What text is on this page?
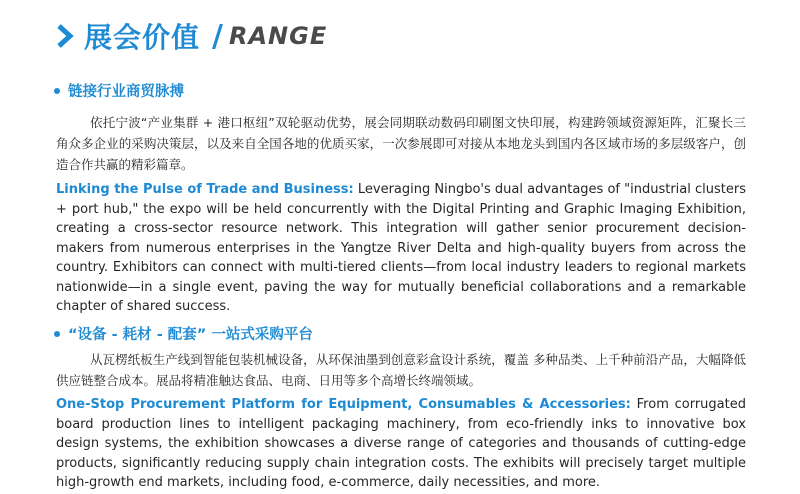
展会价值 / RANGE
链接行业商贸脉搏
依托宁波“产业集群 + 港口枢纽”双轮驱动优势，展会同期联动数码印刷图文快印展，构建跨领域资源矩阵，汇聚长三角众多企业的采购决策层，以及来自全国各地的优质买家，一次参展即可对接从本地龙头到国内各区域市场的多层级客户，创造合作共赢的精彩篇章。
Linking the Pulse of Trade and Business: Leveraging Ningbo's dual advantages of "industrial clusters + port hub," the expo will be held concurrently with the Digital Printing and Graphic Imaging Exhibition, creating a cross-sector resource network. This integration will gather senior procurement decision-makers from numerous enterprises in the Yangtze River Delta and high-quality buyers from across the country. Exhibitors can connect with multi-tiered clients—from local industry leaders to regional markets nationwide—in a single event, paving the way for mutually beneficial collaborations and a remarkable chapter of shared success.
“设备 - 耗材 - 配套” 一站式采购平台
从瓦楞纸板生产线到智能包装机械设备，从环保油墨到创意彩盒设计系统，覆盖 多种品类、上千种前沿产品，大幅降低供应链整合成本。展品将精准触达食品、电商、日用等多个高增长终端领域。
One-Stop Procurement Platform for Equipment, Consumables & Accessories: From corrugated board production lines to intelligent packaging machinery, from eco-friendly inks to innovative box design systems, the exhibition showcases a diverse range of categories and thousands of cutting-edge products, significantly reducing supply chain integration costs. The exhibits will precisely target multiple high-growth end markets, including food, e-commerce, daily necessities, and more.
